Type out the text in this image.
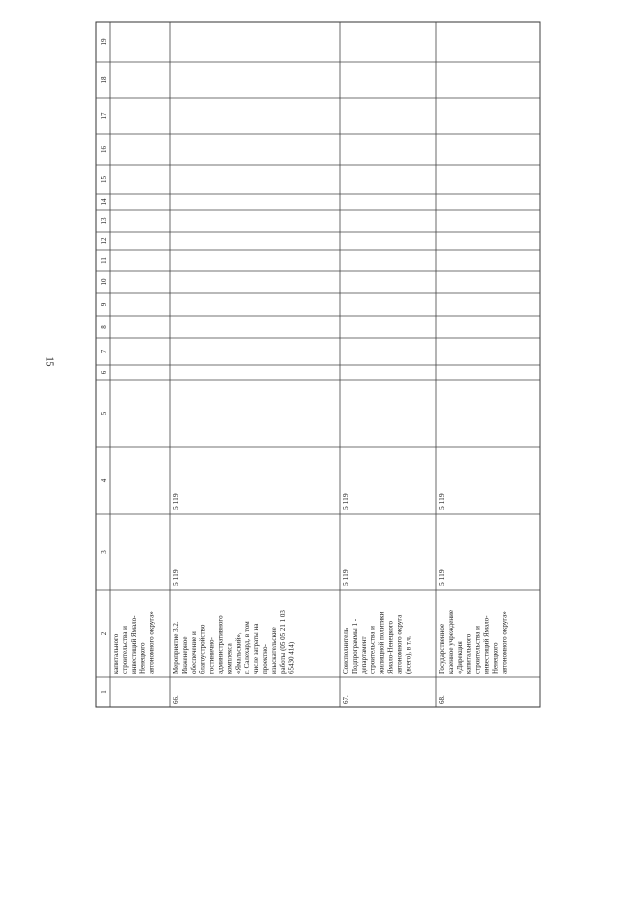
15
1
2
3
4
5
6
7
8
9
10
11
12
13
14
15
16
17
18
19
капитального строительства и инвестиций Ямало- Ненецкого автономного округа»
66.
Мероприятие 3.2. Инженерное обеспечение и благоустройство гостинично- административного комплекса «Ямальский», г. Салехард, в том числе затраты на проектно- изыскательские работы (05 05 21 1 03 65430 414)
5 119
5 119
67.
Соисполнитель Подпрограммы 1 - департамент строительства и жилищной политики Ямало-Ненецкого автономного округа (всего), в т.ч.
5 119
5 119
68.
Государственное казенное учреждение «Дирекция капитального строительства и инвестиций Ямало- Ненецкого автономного округа»
5 119
5 119
